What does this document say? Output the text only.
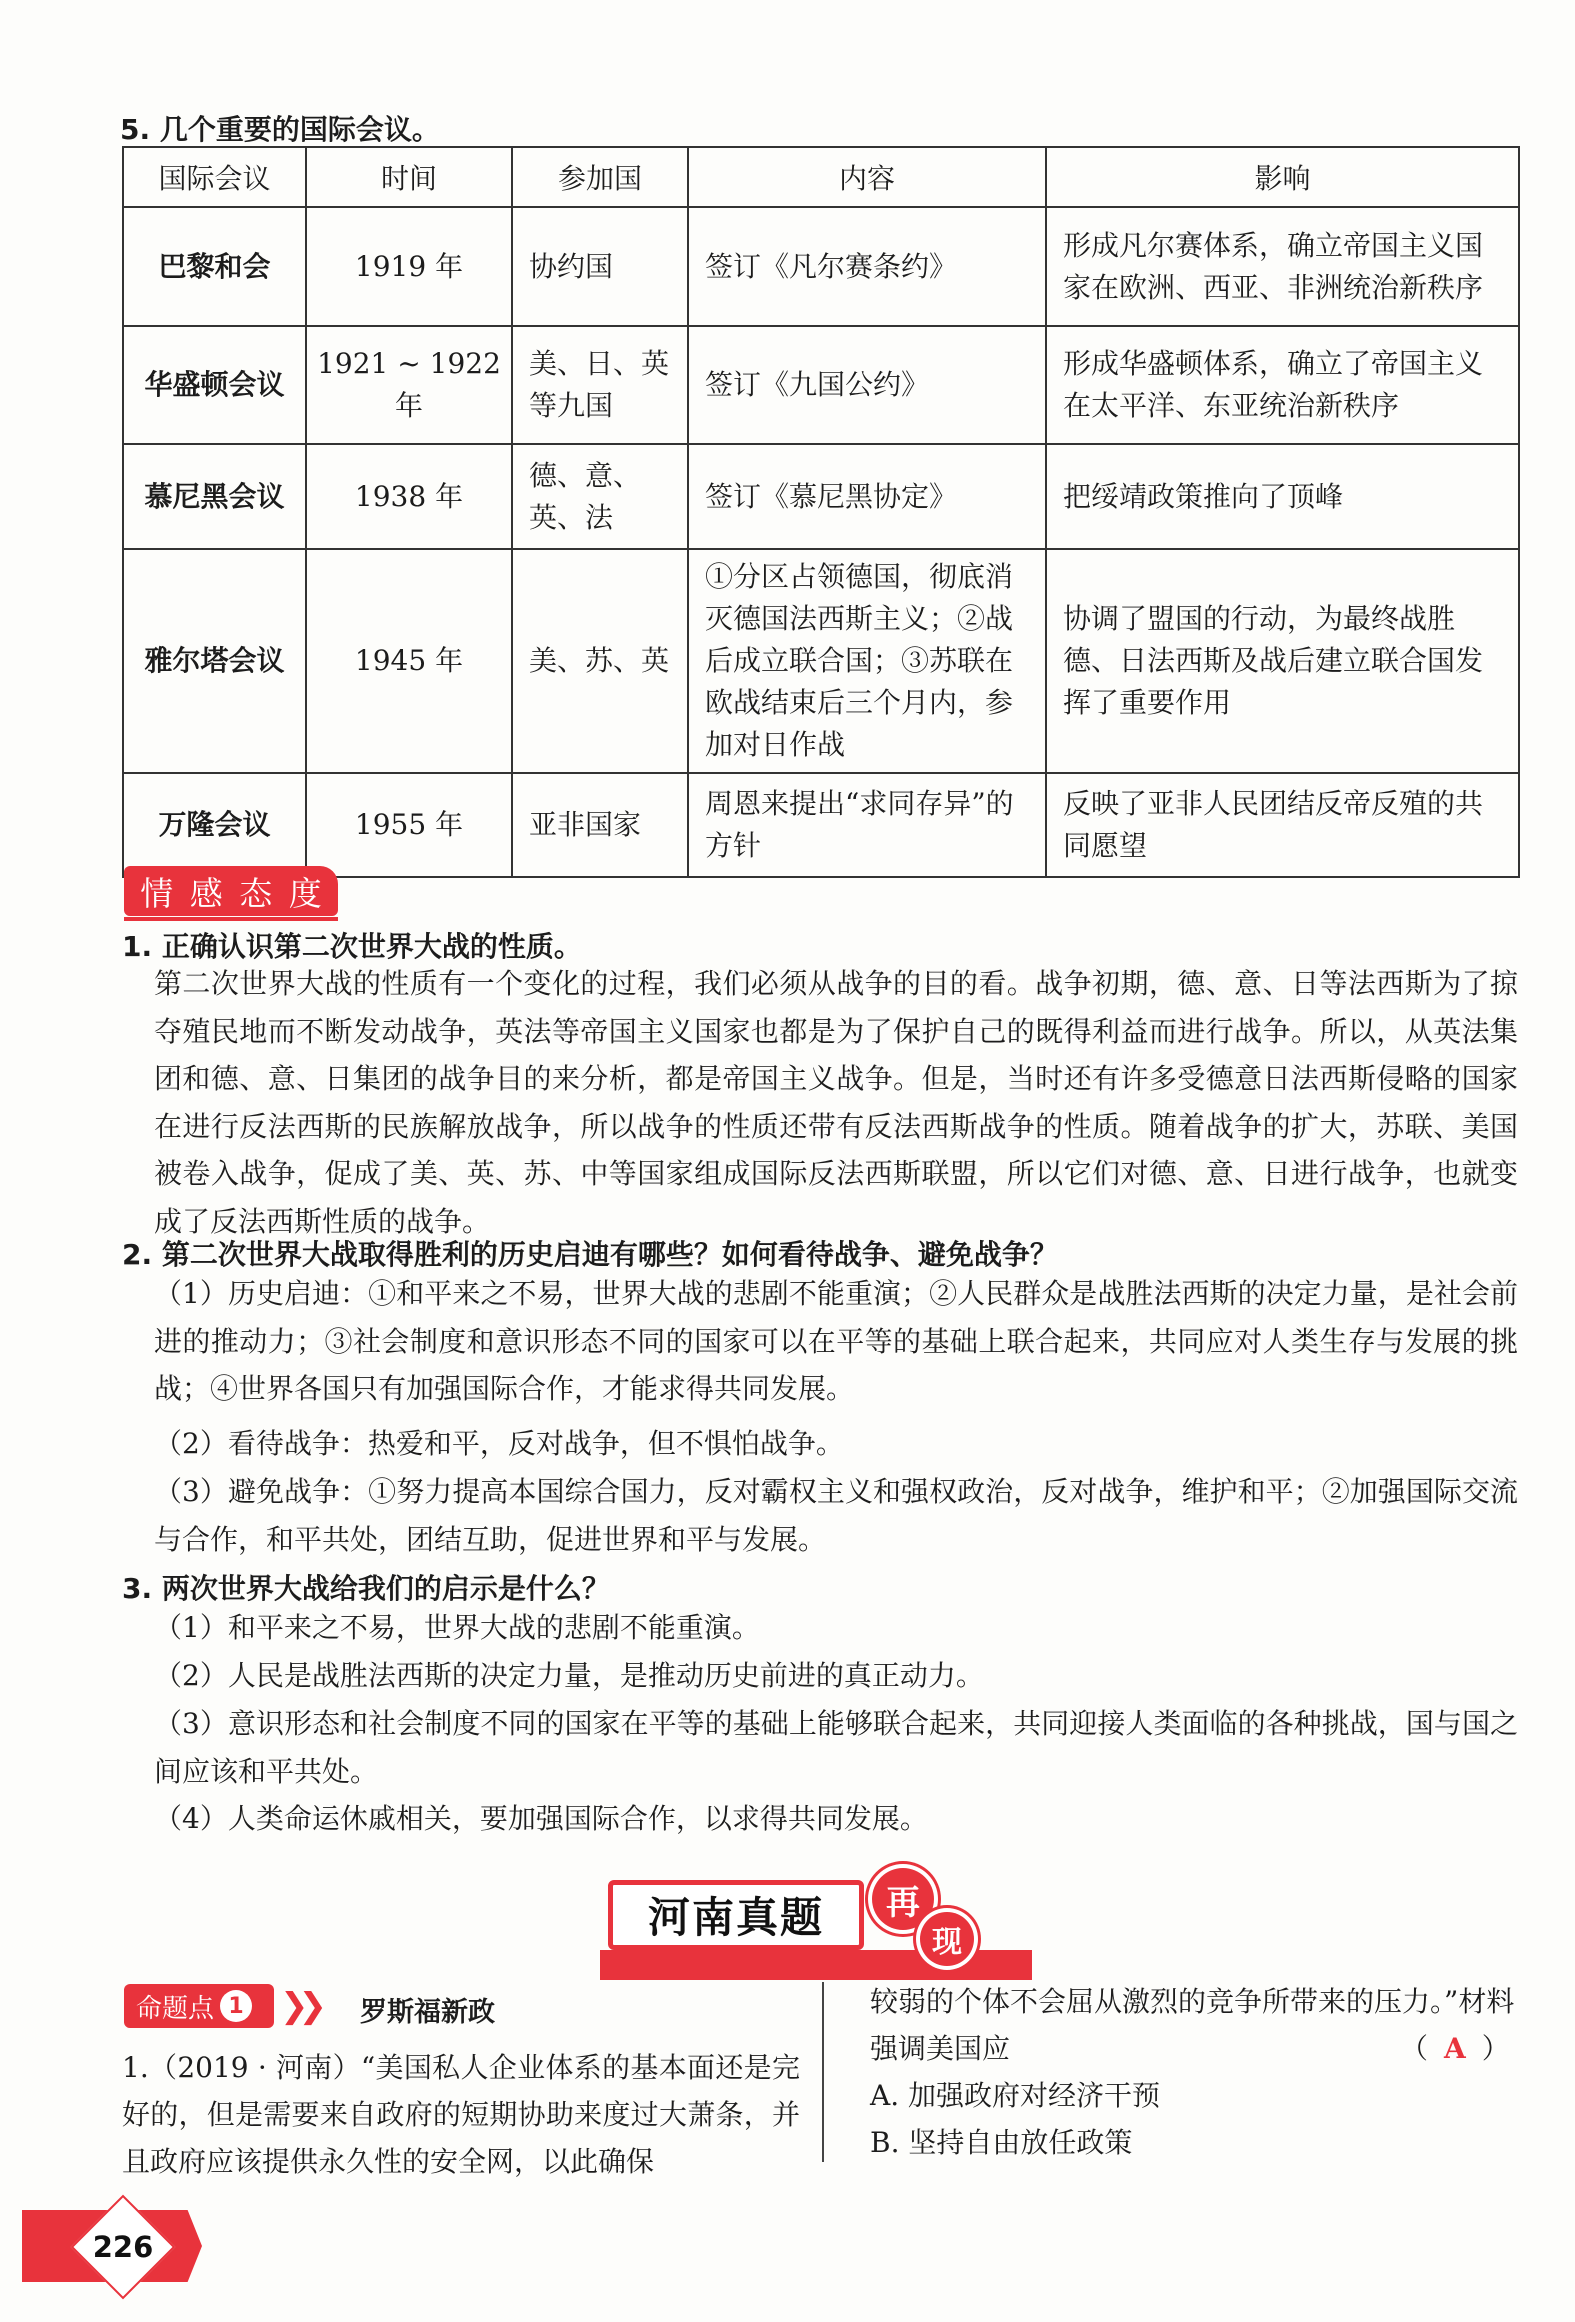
5. 几个重要的国际会议。
国际会议	时间	参加国	内容	影响
巴黎和会	1919 年	协约国	签订《凡尔赛条约》	形成凡尔赛体系，确立帝国主义国家在欧洲、西亚、非洲统治新秩序
华盛顿会议	1921 ~ 1922 年	美、日、英等九国	签订《九国公约》	形成华盛顿体系，确立了帝国主义在太平洋、东亚统治新秩序
慕尼黑会议	1938 年	德、意、英、法	签订《慕尼黑协定》	把绥靖政策推向了顶峰
雅尔塔会议	1945 年	美、苏、英	①分区占领德国，彻底消灭德国法西斯主义；②战后成立联合国；③苏联在欧战结束后三个月内，参加对日作战	协调了盟国的行动，为最终战胜德、日法西斯及战后建立联合国发挥了重要作用
万隆会议	1955 年	亚非国家	周恩来提出“求同存异”的方针	反映了亚非人民团结反帝反殖的共同愿望
情 感 态 度
1. 正确认识第二次世界大战的性质。
第二次世界大战的性质有一个变化的过程，我们必须从战争的目的看。战争初期，德、意、日等法西斯为了掠夺殖民地而不断发动战争，英法等帝国主义国家也都是为了保护自己的既得利益而进行战争。所以，从英法集团和德、意、日集团的战争目的来分析，都是帝国主义战争。但是，当时还有许多受德意日法西斯侵略的国家在进行反法西斯的民族解放战争，所以战争的性质还带有反法西斯战争的性质。随着战争的扩大，苏联、美国被卷入战争，促成了美、英、苏、中等国家组成国际反法西斯联盟，所以它们对德、意、日进行战争，也就变成了反法西斯性质的战争。
2. 第二次世界大战取得胜利的历史启迪有哪些？如何看待战争、避免战争？
（1）历史启迪：①和平来之不易，世界大战的悲剧不能重演；②人民群众是战胜法西斯的决定力量，是社会前进的推动力；③社会制度和意识形态不同的国家可以在平等的基础上联合起来，共同应对人类生存与发展的挑战；④世界各国只有加强国际合作，才能求得共同发展。
（2）看待战争：热爱和平，反对战争，但不惧怕战争。
（3）避免战争：①努力提高本国综合国力，反对霸权主义和强权政治，反对战争，维护和平；②加强国际交流与合作，和平共处，团结互助，促进世界和平与发展。
3. 两次世界大战给我们的启示是什么？
（1）和平来之不易，世界大战的悲剧不能重演。
（2）人民是战胜法西斯的决定力量，是推动历史前进的真正动力。
（3）意识形态和社会制度不同的国家在平等的基础上能够联合起来，共同迎接人类面临的各种挑战，国与国之间应该和平共处。
（4）人类命运休戚相关，要加强国际合作，以求得共同发展。
河南真题	再
现
命题点 1 ❯❯ 罗斯福新政
1.（2019 · 河南）“美国私人企业体系的基本面还是完好的，但是需要来自政府的短期协助来度过大萧条，并且政府应该提供永久性的安全网，以此确保
较弱的个体不会屈从激烈的竞争所带来的压力。”材料强调美国应	（ A ）
A. 加强政府对经济干预
B. 坚持自由放任政策
226
